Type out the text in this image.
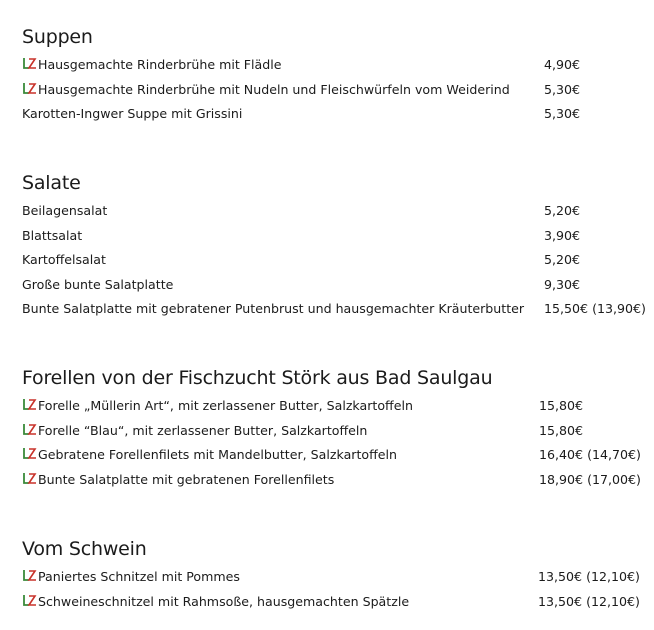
Suppen
Hausgemachte Rinderbrühe mit Flädle	4,90€
Hausgemachte Rinderbrühe mit Nudeln und Fleischwürfeln vom Weiderind	5,30€
Karotten-Ingwer Suppe mit Grissini	5,30€
Salate
Beilagensalat	5,20€
Blattsalat	3,90€
Kartoffelsalat	5,20€
Große bunte Salatplatte	9,30€
Bunte Salatplatte mit gebratener Putenbrust und hausgemachter Kräuterbutter 15,50€ (13,90€)
Forellen von der Fischzucht Störk aus Bad Saulgau
Forelle „Müllerin Art“, mit zerlassener Butter, Salzkartoffeln	15,80€
Forelle “Blau“, mit zerlassener Butter, Salzkartoffeln	15,80€
Gebratene Forellenfilets mit Mandelbutter, Salzkartoffeln	16,40€ (14,70€)
Bunte Salatplatte mit gebratenen Forellenfilets	18,90€ (17,00€)
Vom Schwein
Paniertes Schnitzel mit Pommes	13,50€ (12,10€)
Schweineschnitzel mit Rahmsoße, hausgemachten Spätzle	13,50€ (12,10€)
